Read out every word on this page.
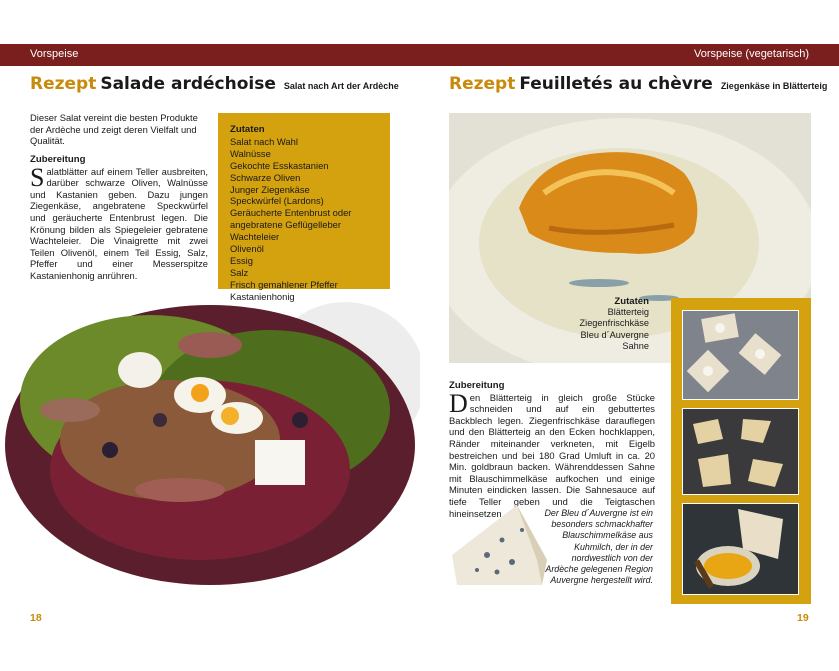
Vorspeise	Vorspeise (vegetarisch)
Rezept Salade ardéchoise Salat nach Art der Ardèche

Dieser Salat vereint die besten Produkte der Ardèche und zeigt deren Vielfalt und Qualität.

Zubereitung

Salatblätter auf einem Teller ausbreiten, darüber schwarze Oliven, Walnüsse und Kastanien geben. Dazu jungen Ziegenkäse, angebratene Speckwürfel und geräucherte Entenbrust legen. Die Krönung bilden als Spiegeleier gebratene Wachteleier. Die Vinaigrette mit zwei Teilen Olivenöl, einem Teil Essig, Salz, Pfeffer und einer Messerspitze Kastanienhonig anrühren.

Zutaten
Salat nach Wahl
Walnüsse
Gekochte Esskastanien
Schwarze Oliven
Junger Ziegenkäse
Speckwürfel (Lardons)
Geräucherte Entenbrust oder
angebratene Geflügelleber
Wachteleier
Olivenöl
Essig
Salz
Frisch gemahlener Pfeffer
Kastanienhonig
18
Rezept Feuilletés au chèvre Ziegenkäse in Blätterteig
Zutaten
Blätterteig
Ziegenfrischkäse
Bleu d´Auvergne
Sahne
Zubereitung

Den Blätterteig in gleich große Stücke schneiden und auf ein gebuttertes Backblech legen. Ziegenfrischkäse darauflegen und den Blätterteig an den Ecken hochklappen, Ränder miteinander verkneten, mit Eigelb bestreichen und bei 180 Grad Umluft in ca. 20 Min. goldbraun backen. Währenddessen Sahne mit Blauschimmelkäse aufkochen und einige Minuten eindicken lassen. Die Sahnesauce auf tiefe Teller geben und die Teigtaschen hineinsetzen.	Der Bleu d´Auvergne ist ein besonders schmackhafter Blauschimmelkäse aus Kuhmilch, der in der nordwestlich von der Ardèche gelegenen Region Auvergne hergestellt wird.
19
